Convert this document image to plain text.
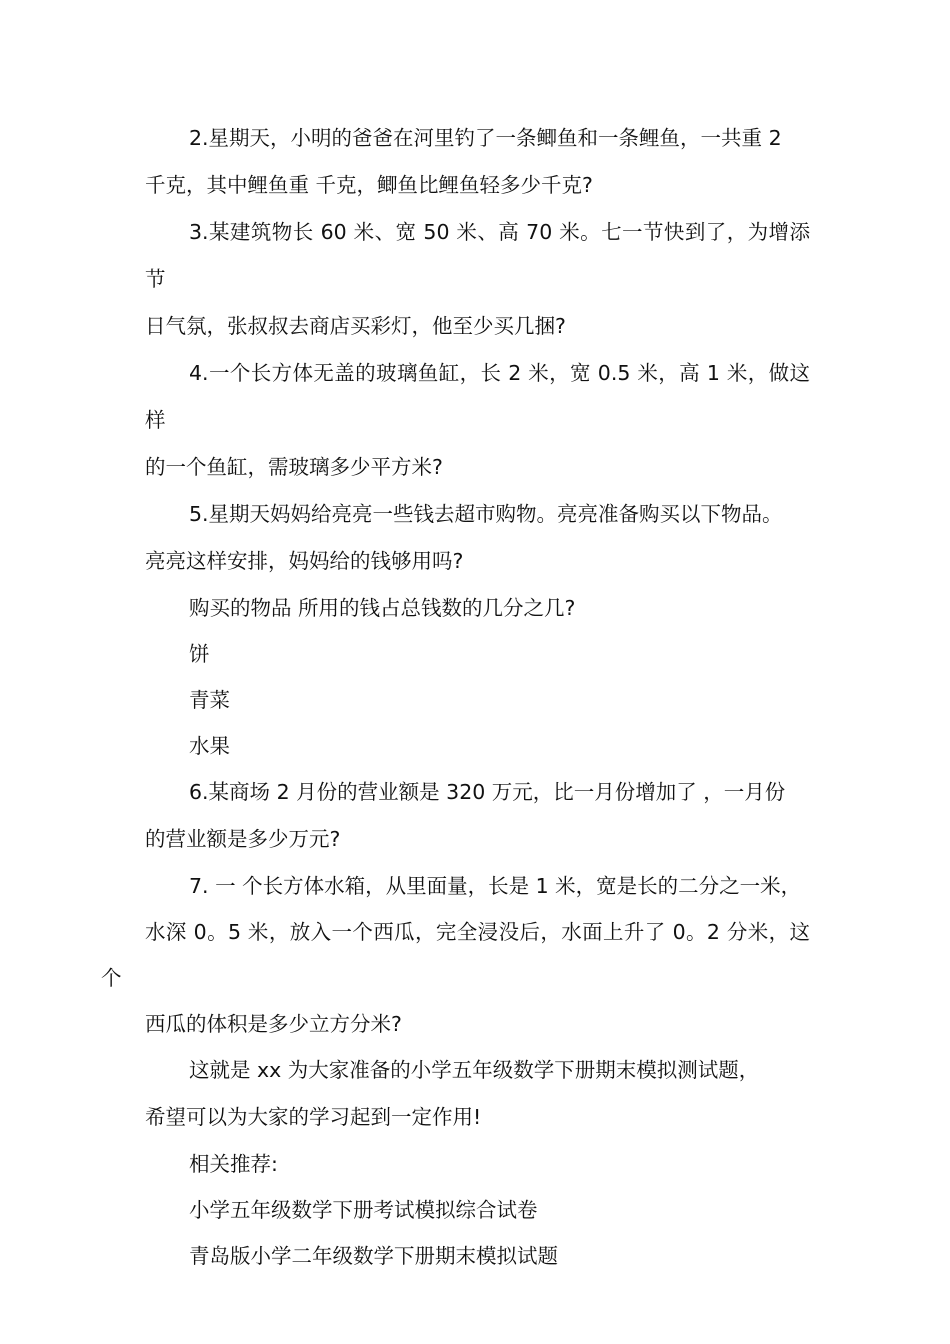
2.星期天，小明的爸爸在河里钓了一条鲫鱼和一条鲤鱼，一共重 2
千克，其中鲤鱼重 千克，鲫鱼比鲤鱼轻多少千克?

3.某建筑物长 60 米、宽 50 米、高 70 米。七一节快到了，为增添节
日气氛，张叔叔去商店买彩灯，他至少买几捆?

4.一个长方体无盖的玻璃鱼缸，长 2 米，宽 0.5 米，高 1 米，做这样
的一个鱼缸，需玻璃多少平方米?

5.星期天妈妈给亮亮一些钱去超市购物。亮亮准备购买以下物品。
亮亮这样安排，妈妈给的钱够用吗?

购买的物品 所用的钱占总钱数的几分之几?

饼

青菜

水果

6.某商场 2 月份的营业额是 320 万元，比一月份增加了 ，一月份
的营业额是多少万元?

7. 一 个长方体水箱，从里面量，长是 1 米，宽是长的二分之一米，
水深 0。5 米，放入一个西瓜，完全浸没后，水面上升了 0。2 分米，这个
西瓜的体积是多少立方分米?

这就是 xx 为大家准备的小学五年级数学下册期末模拟测试题，
希望可以为大家的学习起到一定作用!

相关推荐:

小学五年级数学下册考试模拟综合试卷

青岛版小学二年级数学下册期末模拟试题
